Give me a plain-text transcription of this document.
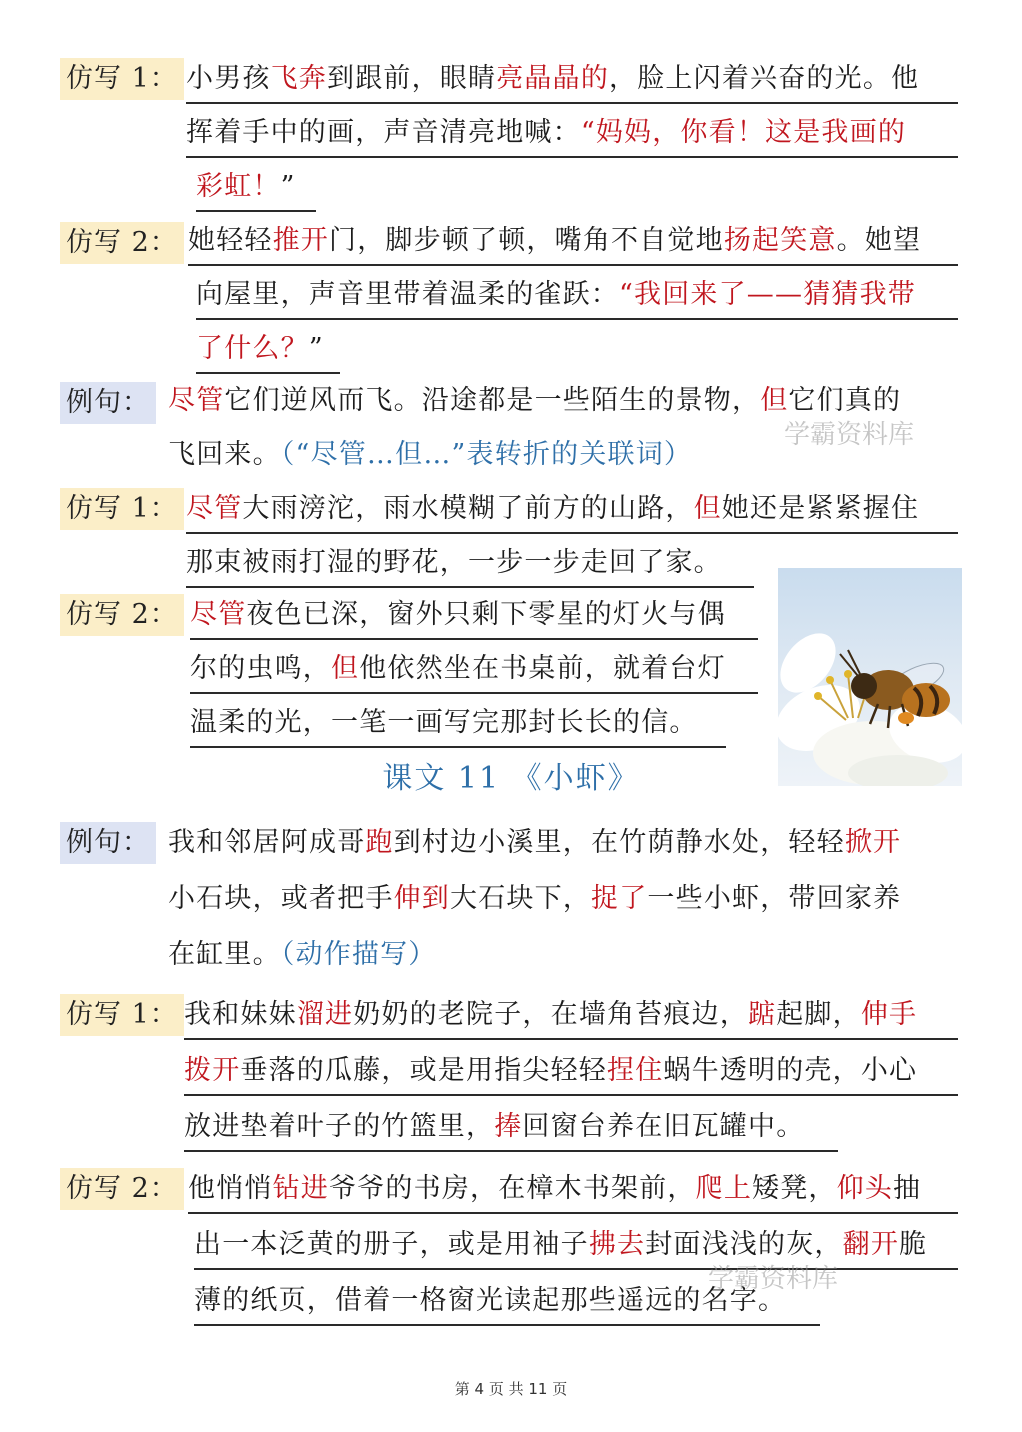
仿写 1： 小男孩飞奔到跟前，眼睛亮晶晶的，脸上闪着兴奋的光。他
挥着手中的画，声音清亮地喊：“妈妈，你看！这是我画的
彩虹！”
仿写 2： 她轻轻推开门，脚步顿了顿，嘴角不自觉地扬起笑意。她望
向屋里，声音里带着温柔的雀跃：“我回来了——猜猜我带
了什么？”
例句： 尽管它们逆风而飞。沿途都是一些陌生的景物，但它们真的
飞回来。（“尽管…但…”表转折的关联词）
仿写 1： 尽管大雨滂沱，雨水模糊了前方的山路，但她还是紧紧握住
那束被雨打湿的野花，一步一步走回了家。
仿写 2： 尽管夜色已深，窗外只剩下零星的灯火与偶
尔的虫鸣，但他依然坐在书桌前，就着台灯
温柔的光，一笔一画写完那封长长的信。
课文 11 《小虾》
例句： 我和邻居阿成哥跑到村边小溪里，在竹荫静水处，轻轻掀开
小石块，或者把手伸到大石块下，捉了一些小虾，带回家养
在缸里。（动作描写）
仿写 1： 我和妹妹溜进奶奶的老院子，在墙角苔痕边，踮起脚，伸手
拨开垂落的瓜藤，或是用指尖轻轻捏住蜗牛透明的壳，小心
放进垫着叶子的竹篮里，捧回窗台养在旧瓦罐中。
仿写 2： 他悄悄钻进爷爷的书房，在樟木书架前，爬上矮凳，仰头抽
出一本泛黄的册子，或是用袖子拂去封面浅浅的灰，翻开脆
薄的纸页，借着一格窗光读起那些遥远的名字。
学霸资料库
学霸资料库
第 4 页 共 11 页
